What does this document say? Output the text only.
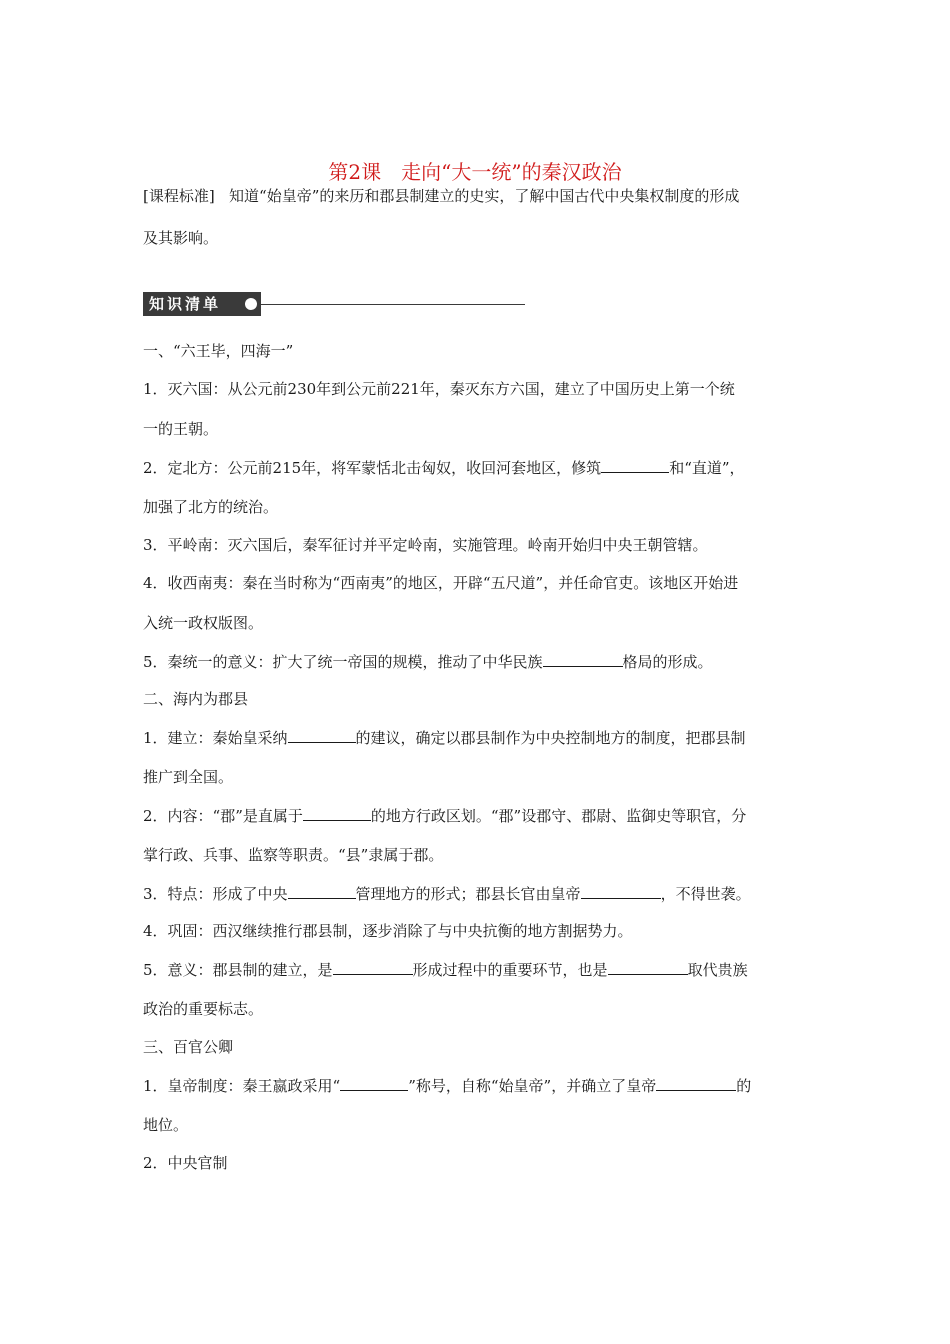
第2课　走向“大一统”的秦汉政治
[课程标准] 知道“始皇帝”的来历和郡县制建立的史实，了解中国古代中央集权制度的形成
及其影响。
知识清单
一、“六王毕，四海一”
1．灭六国：从公元前230年到公元前221年，秦灭东方六国，建立了中国历史上第一个统
一的王朝。
2．定北方：公元前215年，将军蒙恬北击匈奴，收回河套地区，修筑	和“直道”，
加强了北方的统治。
3．平岭南：灭六国后，秦军征讨并平定岭南，实施管理。岭南开始归中央王朝管辖。
4．收西南夷：秦在当时称为“西南夷”的地区，开辟“五尺道”，并任命官吏。该地区开始进
入统一政权版图。
5．秦统一的意义：扩大了统一帝国的规模，推动了中华民族	格局的形成。
二、海内为郡县
1．建立：秦始皇采纳	的建议，确定以郡县制作为中央控制地方的制度，把郡县制
推广到全国。
2．内容：“郡”是直属于	的地方行政区划。“郡”设郡守、郡尉、监御史等职官，分
掌行政、兵事、监察等职责。“县”隶属于郡。
3．特点：形成了中央	管理地方的形式；郡县长官由皇帝	，不得世袭。
4．巩固：西汉继续推行郡县制，逐步消除了与中央抗衡的地方割据势力。
5．意义：郡县制的建立，是	形成过程中的重要环节，也是	取代贵族
政治的重要标志。
三、百官公卿
1．皇帝制度：秦王嬴政采用“	”称号，自称“始皇帝”，并确立了皇帝	的
地位。
2．中央官制
